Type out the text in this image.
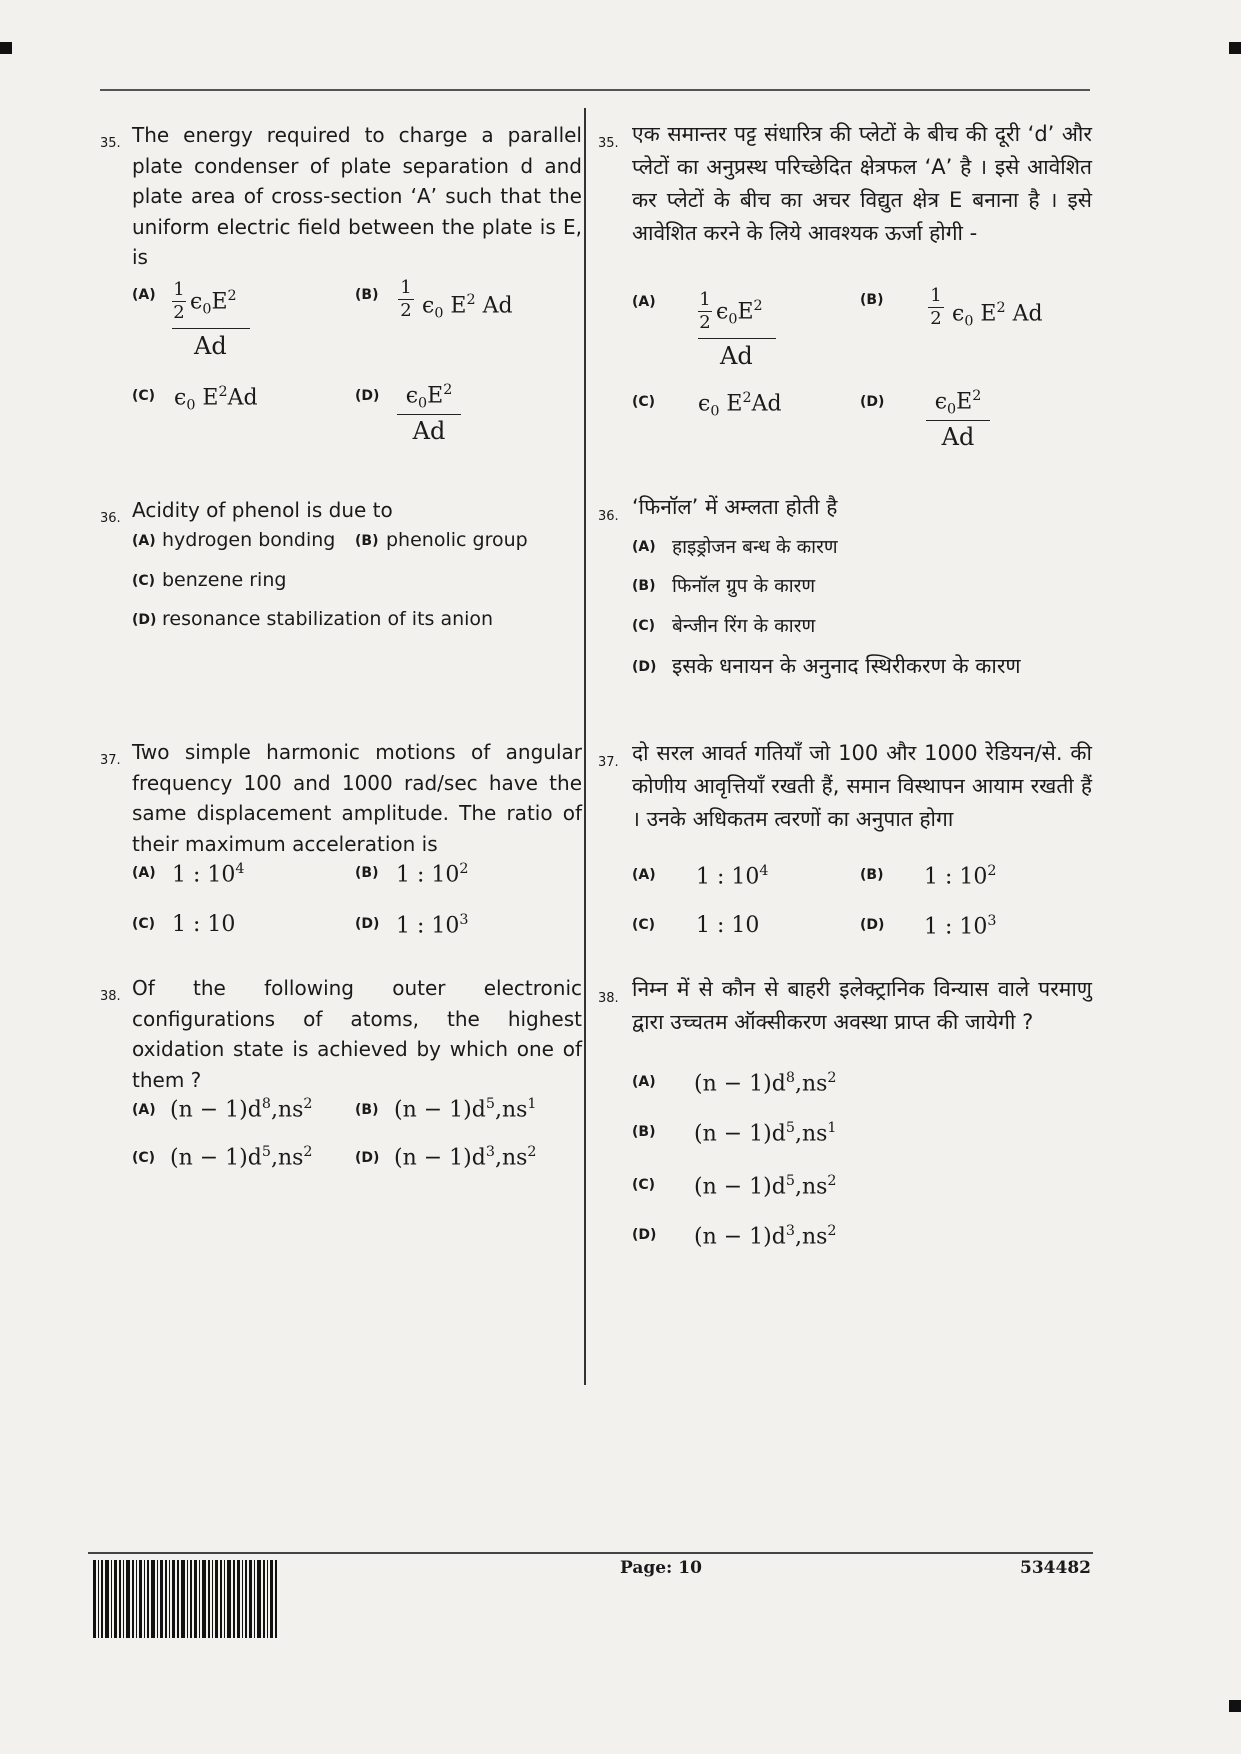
35. The energy required to charge a parallel plate condenser of plate separation d and plate area of cross-section ‘A’ such that the uniform electric field between the plate is E, is
(A) 1
2 $\epsilon_0E^2$
Ad
(B) 1
2 $\epsilon_0$ $E^2$ Ad
(C) $\epsilon_0$ $E^2Ad$	(D)	$\epsilon_0E^2$
Ad
35. एक समान्तर पट्ट संधारित्र की प्लेटों के बीच की दूरी ‘d’ और प्लेटों का अनुप्रस्थ परिच्छेदित क्षेत्रफल ‘A’ है । इसे आवेशित कर प्लेटों के बीच का अचर विद्युत क्षेत्र E बनाना है । इसे आवेशित करने के लिये आवश्यक ऊर्जा होगी -
(A) 1
2 $\epsilon_0E^2$
Ad
(B)	1
2 $\epsilon_0$ $E^2$ Ad
(C) $\epsilon_0$ $E^2Ad$	(D)	$\epsilon_0E^2$
Ad
36. Acidity of phenol is due to
(A) hydrogen bonding (B) phenolic group
(C) benzene ring
(D) resonance stabilization of its anion
36. ‘फिनॉल’ में अम्लता होती है
(A) हाइड्रोजन बन्ध के कारण
(B) फिनॉल ग्रुप के कारण
(C) बेन्जीन रिंग के कारण
(D) इसके धनायन के अनुनाद स्थिरीकरण के कारण
37. Two simple harmonic motions of angular frequency 100 and 1000 rad/sec have the same displacement amplitude. The ratio of their maximum acceleration is
(A) 1 : $10^4$	(B) 1 : $10^2$
(C) 1 : 10	(D) 1 : $10^3$
37. दो सरल आवर्त गतियाँ जो 100 और 1000 रेडियन/से. की कोणीय आवृत्तियाँ रखती हैं, समान विस्थापन आयाम रखती हैं । उनके अधिकतम त्वरणों का अनुपात होगा
(A) 1 : $10^4$	(B) 1 : $10^2$
(C) 1 : 10	(D) 1 : $10^3$
38. Of the following outer electronic configurations of atoms, the highest oxidation state is achieved by which one of them ?
(A) $(n - 1)d^8,ns^2$	(B) $(n - 1)d^5,ns^1$
(C) $(n - 1)d^5,ns^2$	(D) $(n - 1)d^3,ns^2$
38. निम्न में से कौन से बाहरी इलेक्ट्रानिक विन्यास वाले परमाणु द्वारा उच्चतम ऑक्सीकरण अवस्था प्राप्त की जायेगी ?
(A) $(n - 1)d^8,ns^2$
(B) $(n - 1)d^5,ns^1$
(C) $(n - 1)d^5,ns^2$
(D) $(n - 1)d^3,ns^2$
Page: 10	534482
